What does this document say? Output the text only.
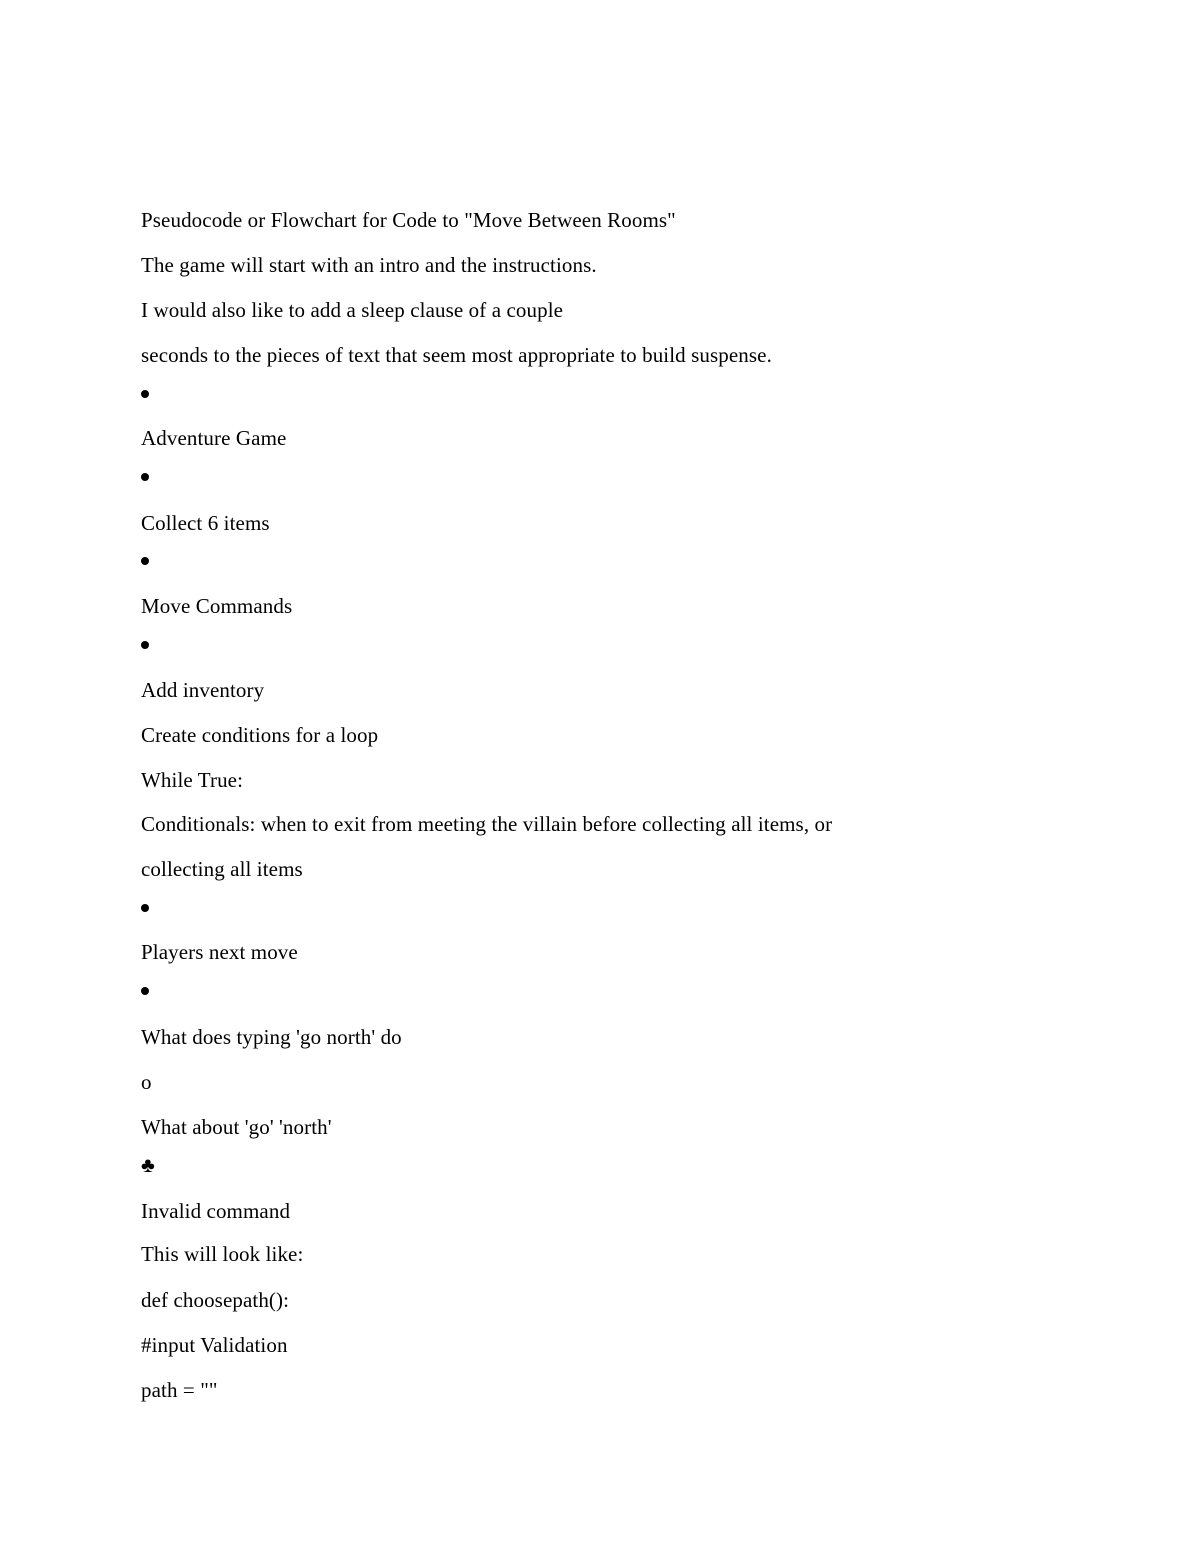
Pseudocode or Flowchart for Code to "Move Between Rooms"
The game will start with an intro and the instructions.
I would also like to add a sleep clause of a couple
seconds to the pieces of text that seem most appropriate to build suspense.
Adventure Game
Collect 6 items
Move Commands
Add inventory
Create conditions for a loop
While True:
Conditionals: when to exit from meeting the villain before collecting all items, or
collecting all items
Players next move
What does typing 'go north' do
o
What about 'go' 'north'
♣
Invalid command
This will look like:
def choosepath():
#input Validation
path = ""
